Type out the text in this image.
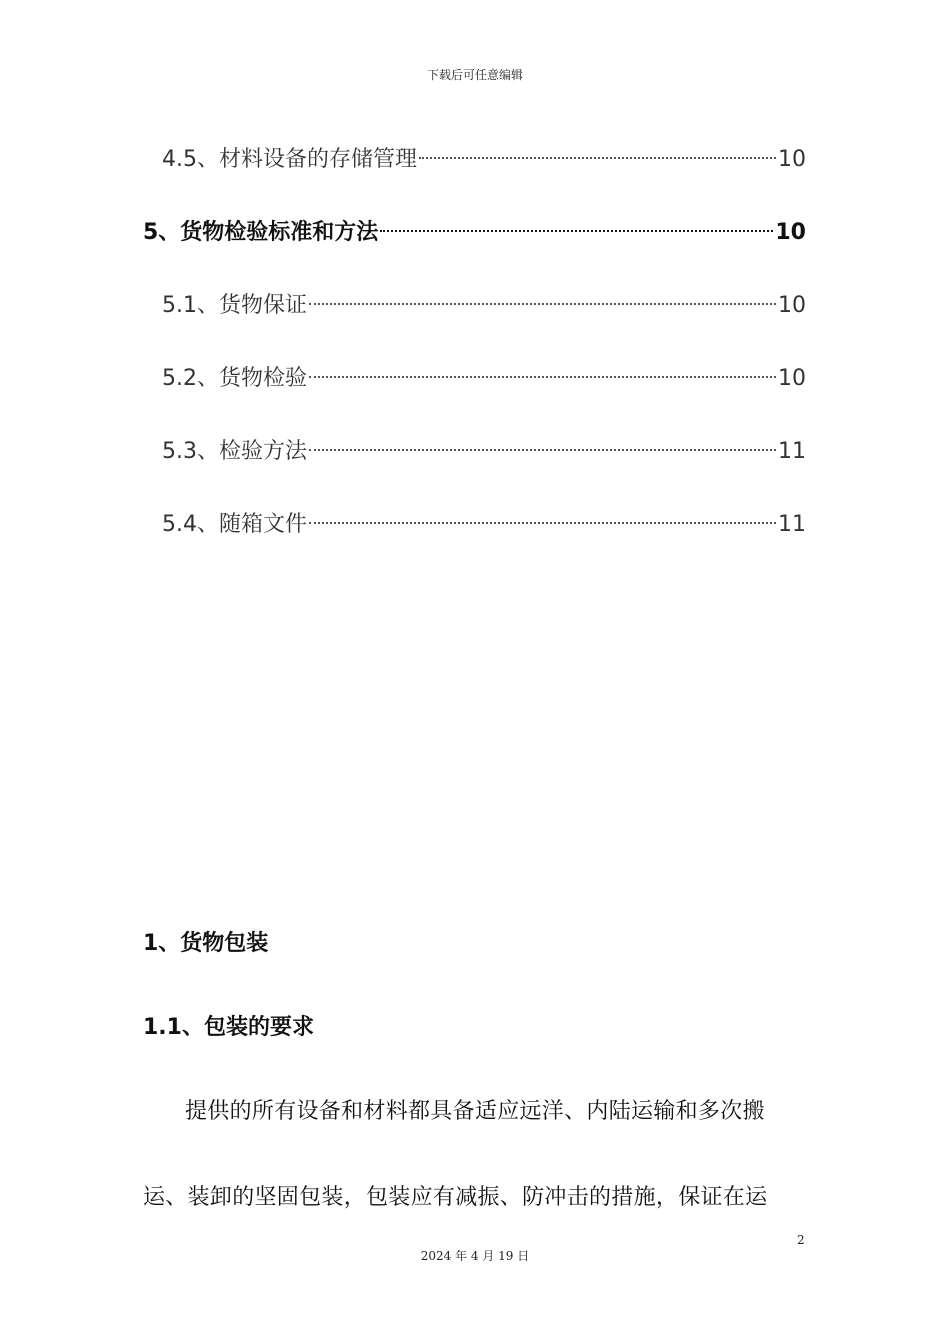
下载后可任意编辑
4.5、材料设备的存储管理	10
5、货物检验标准和方法	10
5.1、货物保证	10
5.2、货物检验	10
5.3、检验方法	11
5.4、随箱文件	11
1、货物包装
1.1、包装的要求
提供的所有设备和材料都具备适应远洋、内陆运输和多次搬
运、装卸的坚固包装，包装应有减振、防冲击的措施，保证在运
2
2024 年 4 月 19 日
